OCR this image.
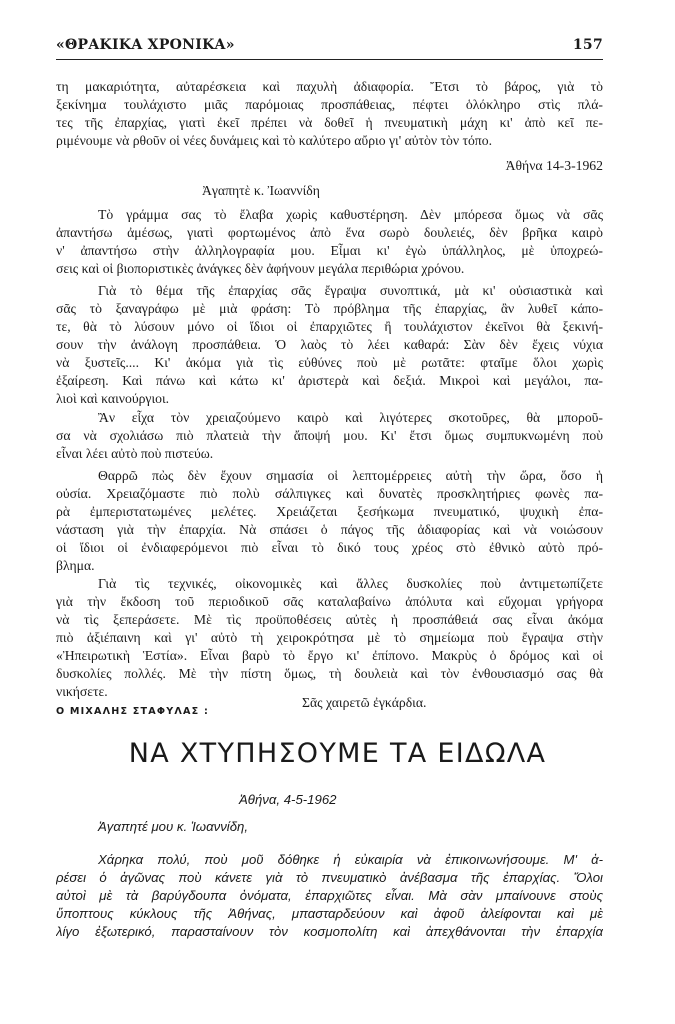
«ΘΡΑΚΙΚΑ ΧΡΟΝΙΚΑ»	157
τη μακαριότητα, αὐταρέσκεια καὶ παχυλὴ ἀδιαφορία. Ἔτσι τὸ βάρος, γιὰ τὸ
ξεκίνημα τουλάχιστο μιᾶς παρόμοιας προσπάθειας, πέφτει ὁλόκληρο στὶς πλά-
τες τῆς ἐπαρχίας, γιατὶ ἐκεῖ πρέπει νὰ δοθεῖ ἡ πνευματικὴ μάχη κι' ἀπὸ κεῖ πε-
ριμένουμε νὰ ρθοῦν οἱ νέες δυνάμεις καὶ τὸ καλύτερο αὔριο γι' αὐτὸν τὸν τόπο.
Ἀθήνα 14-3-1962
Ἀγαπητὲ κ. Ἰωαννίδη
Τὸ γράμμα σας τὸ ἔλαβα χωρὶς καθυστέρηση. Δὲν μπόρεσα ὅμως νὰ σᾶς
ἀπαντήσω ἀμέσως, γιατὶ φορτωμένος ἀπὸ ἕνα σωρὸ δουλειές, δὲν βρῆκα καιρὸ
ν' ἀπαντήσω στὴν ἀλληλογραφία μου. Εἶμαι κι' ἐγὼ ὑπάλληλος, μὲ ὑποχρεώ-
σεις καὶ οἱ βιοποριστικὲς ἀνάγκες δὲν ἀφήνουν μεγάλα περιθώρια χρόνου.
Γιὰ τὸ θέμα τῆς ἐπαρχίας σᾶς ἔγραψα συνοπτικά, μὰ κι' οὐσιαστικὰ καὶ
σᾶς τὸ ξαναγράφω μὲ μιὰ φράση: Τὸ πρόβλημα τῆς ἐπαρχίας, ἂν λυθεῖ κάπο-
τε, θὰ τὸ λύσουν μόνο οἱ ἴδιοι οἱ ἐπαρχιῶτες ἢ τουλάχιστον ἐκεῖνοι θὰ ξεκινή-
σουν τὴν ἀνάλογη προσπάθεια. Ὁ λαὸς τὸ λέει καθαρά: Σὰν δὲν ἔχεις νύχια
νὰ ξυστεῖς.... Κι' ἀκόμα γιὰ τὶς εὐθύνες ποὺ μὲ ρωτᾶτε: φταῖμε ὅλοι χωρὶς
ἐξαίρεση. Καὶ πάνω καὶ κάτω κι' ἀριστερὰ καὶ δεξιά. Μικροὶ καὶ μεγάλοι, πα-
λιοὶ καὶ καινούργιοι.
Ἂν εἶχα τὸν χρειαζούμενο καιρὸ καὶ λιγότερες σκοτοῦρες, θὰ μποροῦ-
σα νὰ σχολιάσω πιὸ πλατειὰ τὴν ἄποψή μου. Κι' ἔτσι ὅμως συμπυκνωμένη ποὺ
εἶναι λέει αὐτὸ ποὺ πιστεύω.
Θαρρῶ πὼς δὲν ἔχουν σημασία οἱ λεπτομέρρειες αὐτὴ τὴν ὥρα, ὅσο ἡ
οὐσία. Χρειαζόμαστε πιὸ πολὺ σάλπιγκες καὶ δυνατὲς προσκλητήριες φωνὲς πα-
ρὰ ἐμπεριστατωμένες μελέτες. Χρειάζεται ξεσήκωμα πνευματικό, ψυχικὴ ἐπα-
νάσταση γιὰ τὴν ἐπαρχία. Νὰ σπάσει ὁ πάγος τῆς ἀδιαφορίας καὶ νὰ νοιώσουν
οἱ ἴδιοι οἱ ἐνδιαφερόμενοι πιὸ εἶναι τὸ δικό τους χρέος στὸ ἐθνικὸ αὐτὸ πρό-
βλημα.
Γιὰ τὶς τεχνικές, οἰκονομικὲς καὶ ἄλλες δυσκολίες ποὺ ἀντιμετωπίζετε
γιὰ τὴν ἔκδοση τοῦ περιοδικοῦ σᾶς καταλαβαίνω ἀπόλυτα καὶ εὔχομαι γρήγορα
νὰ τὶς ξεπεράσετε. Μὲ τὶς προϋποθέσεις αὐτὲς ἡ προσπάθειά σας εἶναι ἀκόμα
πιὸ ἀξιέπαινη καὶ γι' αὐτὸ τὴ χειροκρότησα μὲ τὸ σημείωμα ποὺ ἔγραψα στὴν
«Ἠπειρωτικὴ Ἑστία». Εἶναι βαρὺ τὸ ἔργο κι' ἐπίπονο. Μακρὺς ὁ δρόμος καὶ οἱ
δυσκολίες πολλές. Μὲ τὴν πίστη ὅμως, τὴ δουλειὰ καὶ τὸν ἐνθουσιασμό σας θὰ
νικήσετε.
Σᾶς χαιρετῶ ἐγκάρδια.
Ο ΜΙΧΑΛΗΣ ΣΤΑΦΥΛΑΣ :
ΝΑ ΧΤΥΠΗΣΟΥΜΕ ΤΑ ΕΙΔΩΛΑ
Ἀθήνα, 4-5-1962
Ἀγαπητέ μου κ. Ἰωαννίδη,
Χάρηκα πολύ, ποὺ μοῦ δόθηκε ἡ εὐκαιρία νὰ ἐπικοινωνήσουμε. Μ' ἀ-
ρέσει ὁ ἀγῶνας ποὺ κάνετε γιὰ τὸ πνευματικὸ ἀνέβασμα τῆς ἐπαρχίας. Ὅλοι
αὐτοὶ μὲ τὰ βαρύγδουπα ὀνόματα, ἐπαρχιῶτες εἶναι. Μὰ σὰν μπαίνουνε στοὺς
ὕποπτους κύκλους τῆς Ἀθήνας, μπασταρδεύουν καὶ ἀφοῦ ἀλείφονται καὶ μὲ
λίγο ἐξωτερικό, παρασταίνουν τὸν κοσμοπολίτη καὶ ἀπεχθάνονται τὴν ἐπαρχία
